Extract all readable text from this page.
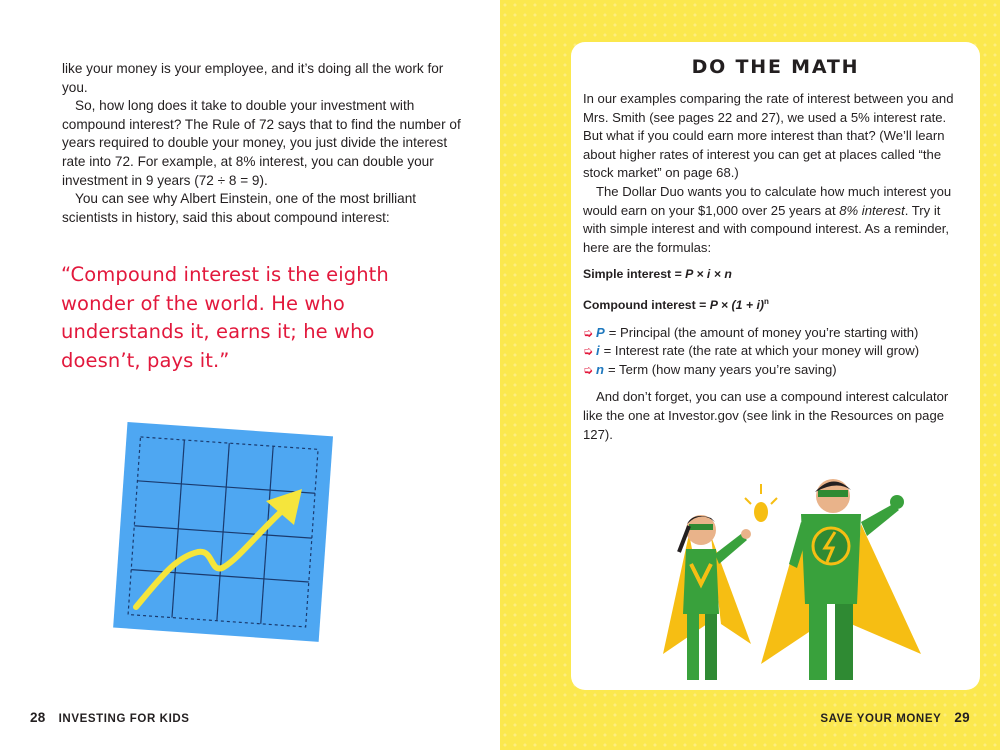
like your money is your employee, and it’s doing all the work for you.

So, how long does it take to double your investment with compound interest? The Rule of 72 says that to find the number of years required to double your money, you just divide the interest rate into 72. For example, at 8% interest, you can double your investment in 9 years (72 ÷ 8 = 9).

You can see why Albert Einstein, one of the most brilliant scientists in history, said this about compound interest:

“Compound interest is the eighth wonder of the world. He who understands it, earns it; he who doesn’t, pays it.”

28 INVESTING FOR KIDS	SAVE YOUR MONEY 29
DO THE MATH

In our examples comparing the rate of interest between you and Mrs. Smith (see pages 22 and 27), we used a 5% interest rate. But what if you could earn more interest than that? (We’ll learn about higher rates of interest you can get at places called “the stock market” on page 68.)

The Dollar Duo wants you to calculate how much interest you would earn on your $1,000 over 25 years at 8% interest. Try it with simple interest and with compound interest. As a reminder, here are the formulas:

Simple interest = P × i × n

Compound interest = $P \times (1 + i)^n$

➭ P = Principal (the amount of money you’re starting with)
➭ i = Interest rate (the rate at which your money will grow)
➭ n = Term (how many years you’re saving)

And don’t forget, you can use a compound interest calculator like the one at Investor.gov (see link in the Resources on page 127).
